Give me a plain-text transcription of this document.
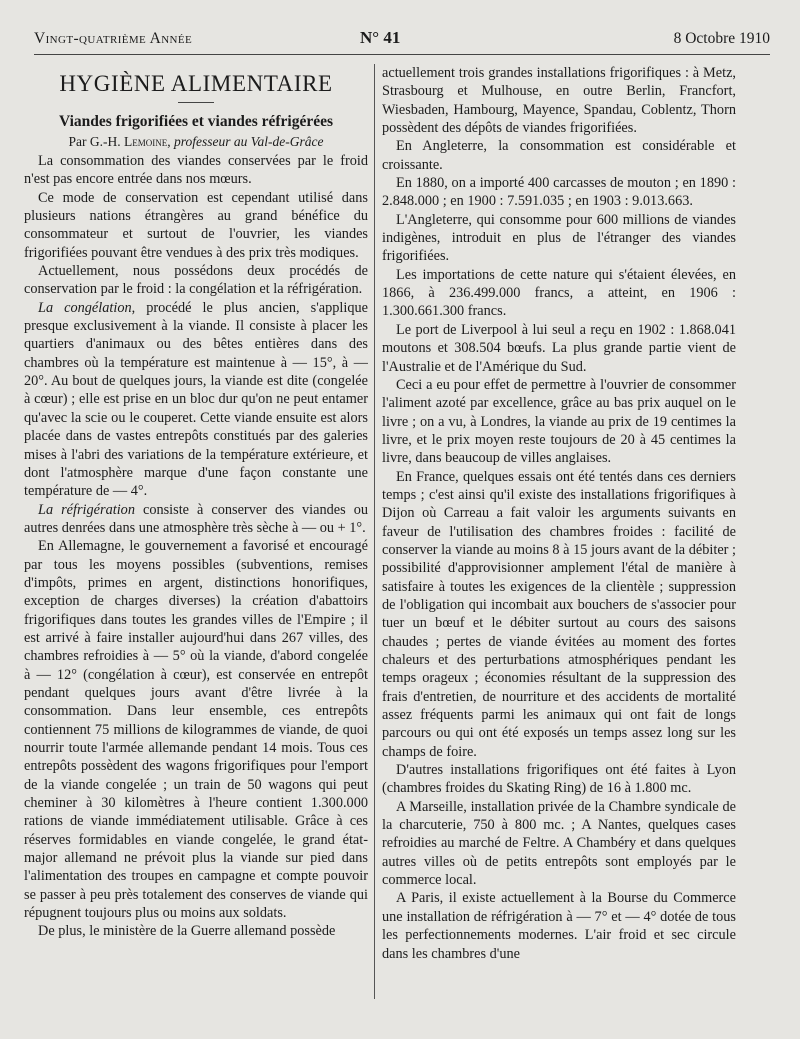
Vingt-quatrième Année	N° 41	8 Octobre 1910
HYGIÈNE ALIMENTAIRE
Viandes frigorifiées et viandes réfrigérées
Par G.-H. Lemoine, professeur au Val-de-Grâce

La consommation des viandes conservées par le froid n'est pas encore entrée dans nos mœurs.

Ce mode de conservation est cependant utilisé dans plusieurs nations étrangères au grand bénéfice du consommateur et surtout de l'ouvrier, les viandes frigorifiées pouvant être vendues à des prix très modiques.

Actuellement, nous possédons deux procédés de conservation par le froid : la congélation et la réfrigération.

La congélation, procédé le plus ancien, s'applique presque exclusivement à la viande. Il consiste à placer les quartiers d'animaux ou des bêtes entières dans des chambres où la température est maintenue à — 15°, à — 20°. Au bout de quelques jours, la viande est dite (congelée à cœur) ; elle est prise en un bloc dur qu'on ne peut entamer qu'avec la scie ou le couperet. Cette viande ensuite est alors placée dans de vastes entrepôts constitués par des galeries mises à l'abri des variations de la température extérieure, et dont l'atmosphère marque d'une façon constante une température de — 4°.

La réfrigération consiste à conserver des viandes ou autres denrées dans une atmosphère très sèche à — ou + 1°.

En Allemagne, le gouvernement a favorisé et encouragé par tous les moyens possibles (subventions, remises d'impôts, primes en argent, distinctions honorifiques, exception de charges diverses) la création d'abattoirs frigorifiques dans toutes les grandes villes de l'Empire ; il est arrivé à faire installer aujourd'hui dans 267 villes, des chambres refroidies à — 5° où la viande, d'abord congelée à — 12° (congélation à cœur), est conservée en entrepôt pendant quelques jours avant d'être livrée à la consommation. Dans leur ensemble, ces entrepôts contiennent 75 millions de kilogrammes de viande, de quoi nourrir toute l'armée allemande pendant 14 mois. Tous ces entrepôts possèdent des wagons frigorifiques pour l'emport de la viande congelée ; un train de 50 wagons qui peut cheminer à 30 kilomètres à l'heure contient 1.300.000 rations de viande immédiatement utilisable. Grâce à ces réserves formidables en viande congelée, le grand état-major allemand ne prévoit plus la viande sur pied dans l'alimentation des troupes en campagne et compte pouvoir se passer à peu près totalement des conserves de viande qui répugnent toujours plus ou moins aux soldats.

De plus, le ministère de la Guerre allemand possède

actuellement trois grandes installations frigorifiques : à Metz, Strasbourg et Mulhouse, en outre Berlin, Francfort, Wiesbaden, Hambourg, Mayence, Spandau, Coblentz, Thorn possèdent des dépôts de viandes frigorifiées.

En Angleterre, la consommation est considérable et croissante.

En 1880, on a importé 400 carcasses de mouton ; en 1890 : 2.848.000 ; en 1900 : 7.591.035 ; en 1903 : 9.013.663.

L'Angleterre, qui consomme pour 600 millions de viandes indigènes, introduit en plus de l'étranger des viandes frigorifiées.

Les importations de cette nature qui s'étaient élevées, en 1866, à 236.499.000 francs, a atteint, en 1906 : 1.300.661.300 francs.

Le port de Liverpool à lui seul a reçu en 1902 : 1.868.041 moutons et 308.504 bœufs. La plus grande partie vient de l'Australie et de l'Amérique du Sud.

Ceci a eu pour effet de permettre à l'ouvrier de consommer l'aliment azoté par excellence, grâce au bas prix auquel on le livre ; on a vu, à Londres, la viande au prix de 19 centimes la livre, et le prix moyen reste toujours de 20 à 45 centimes la livre, dans beaucoup de villes anglaises.

En France, quelques essais ont été tentés dans ces derniers temps ; c'est ainsi qu'il existe des installations frigorifiques à Dijon où Carreau a fait valoir les arguments suivants en faveur de l'utilisation des chambres froides : facilité de conserver la viande au moins 8 à 15 jours avant de la débiter ; possibilité d'approvisionner amplement l'étal de manière à satisfaire à toutes les exigences de la clientèle ; suppression de l'obligation qui incombait aux bouchers de s'associer pour tuer un bœuf et le débiter surtout au cours des saisons chaudes ; pertes de viande évitées au moment des fortes chaleurs et des perturbations atmosphériques pendant les temps orageux ; économies résultant de la suppression des frais d'entretien, de nourriture et des accidents de mortalité assez fréquents parmi les animaux qui ont fait de longs parcours ou qui ont été exposés un temps assez long sur les champs de foire.

D'autres installations frigorifiques ont été faites à Lyon (chambres froides du Skating Ring) de 16 à 1.800 mc.

A Marseille, installation privée de la Chambre syndicale de la charcuterie, 750 à 800 mc. ; A Nantes, quelques cases refroidies au marché de Feltre. A Chambéry et dans quelques autres villes où de petits entrepôts sont employés par le commerce local.

A Paris, il existe actuellement à la Bourse du Commerce une installation de réfrigération à — 7° et — 4° dotée de tous les perfectionnements modernes. L'air froid et sec circule dans les chambres d'une
